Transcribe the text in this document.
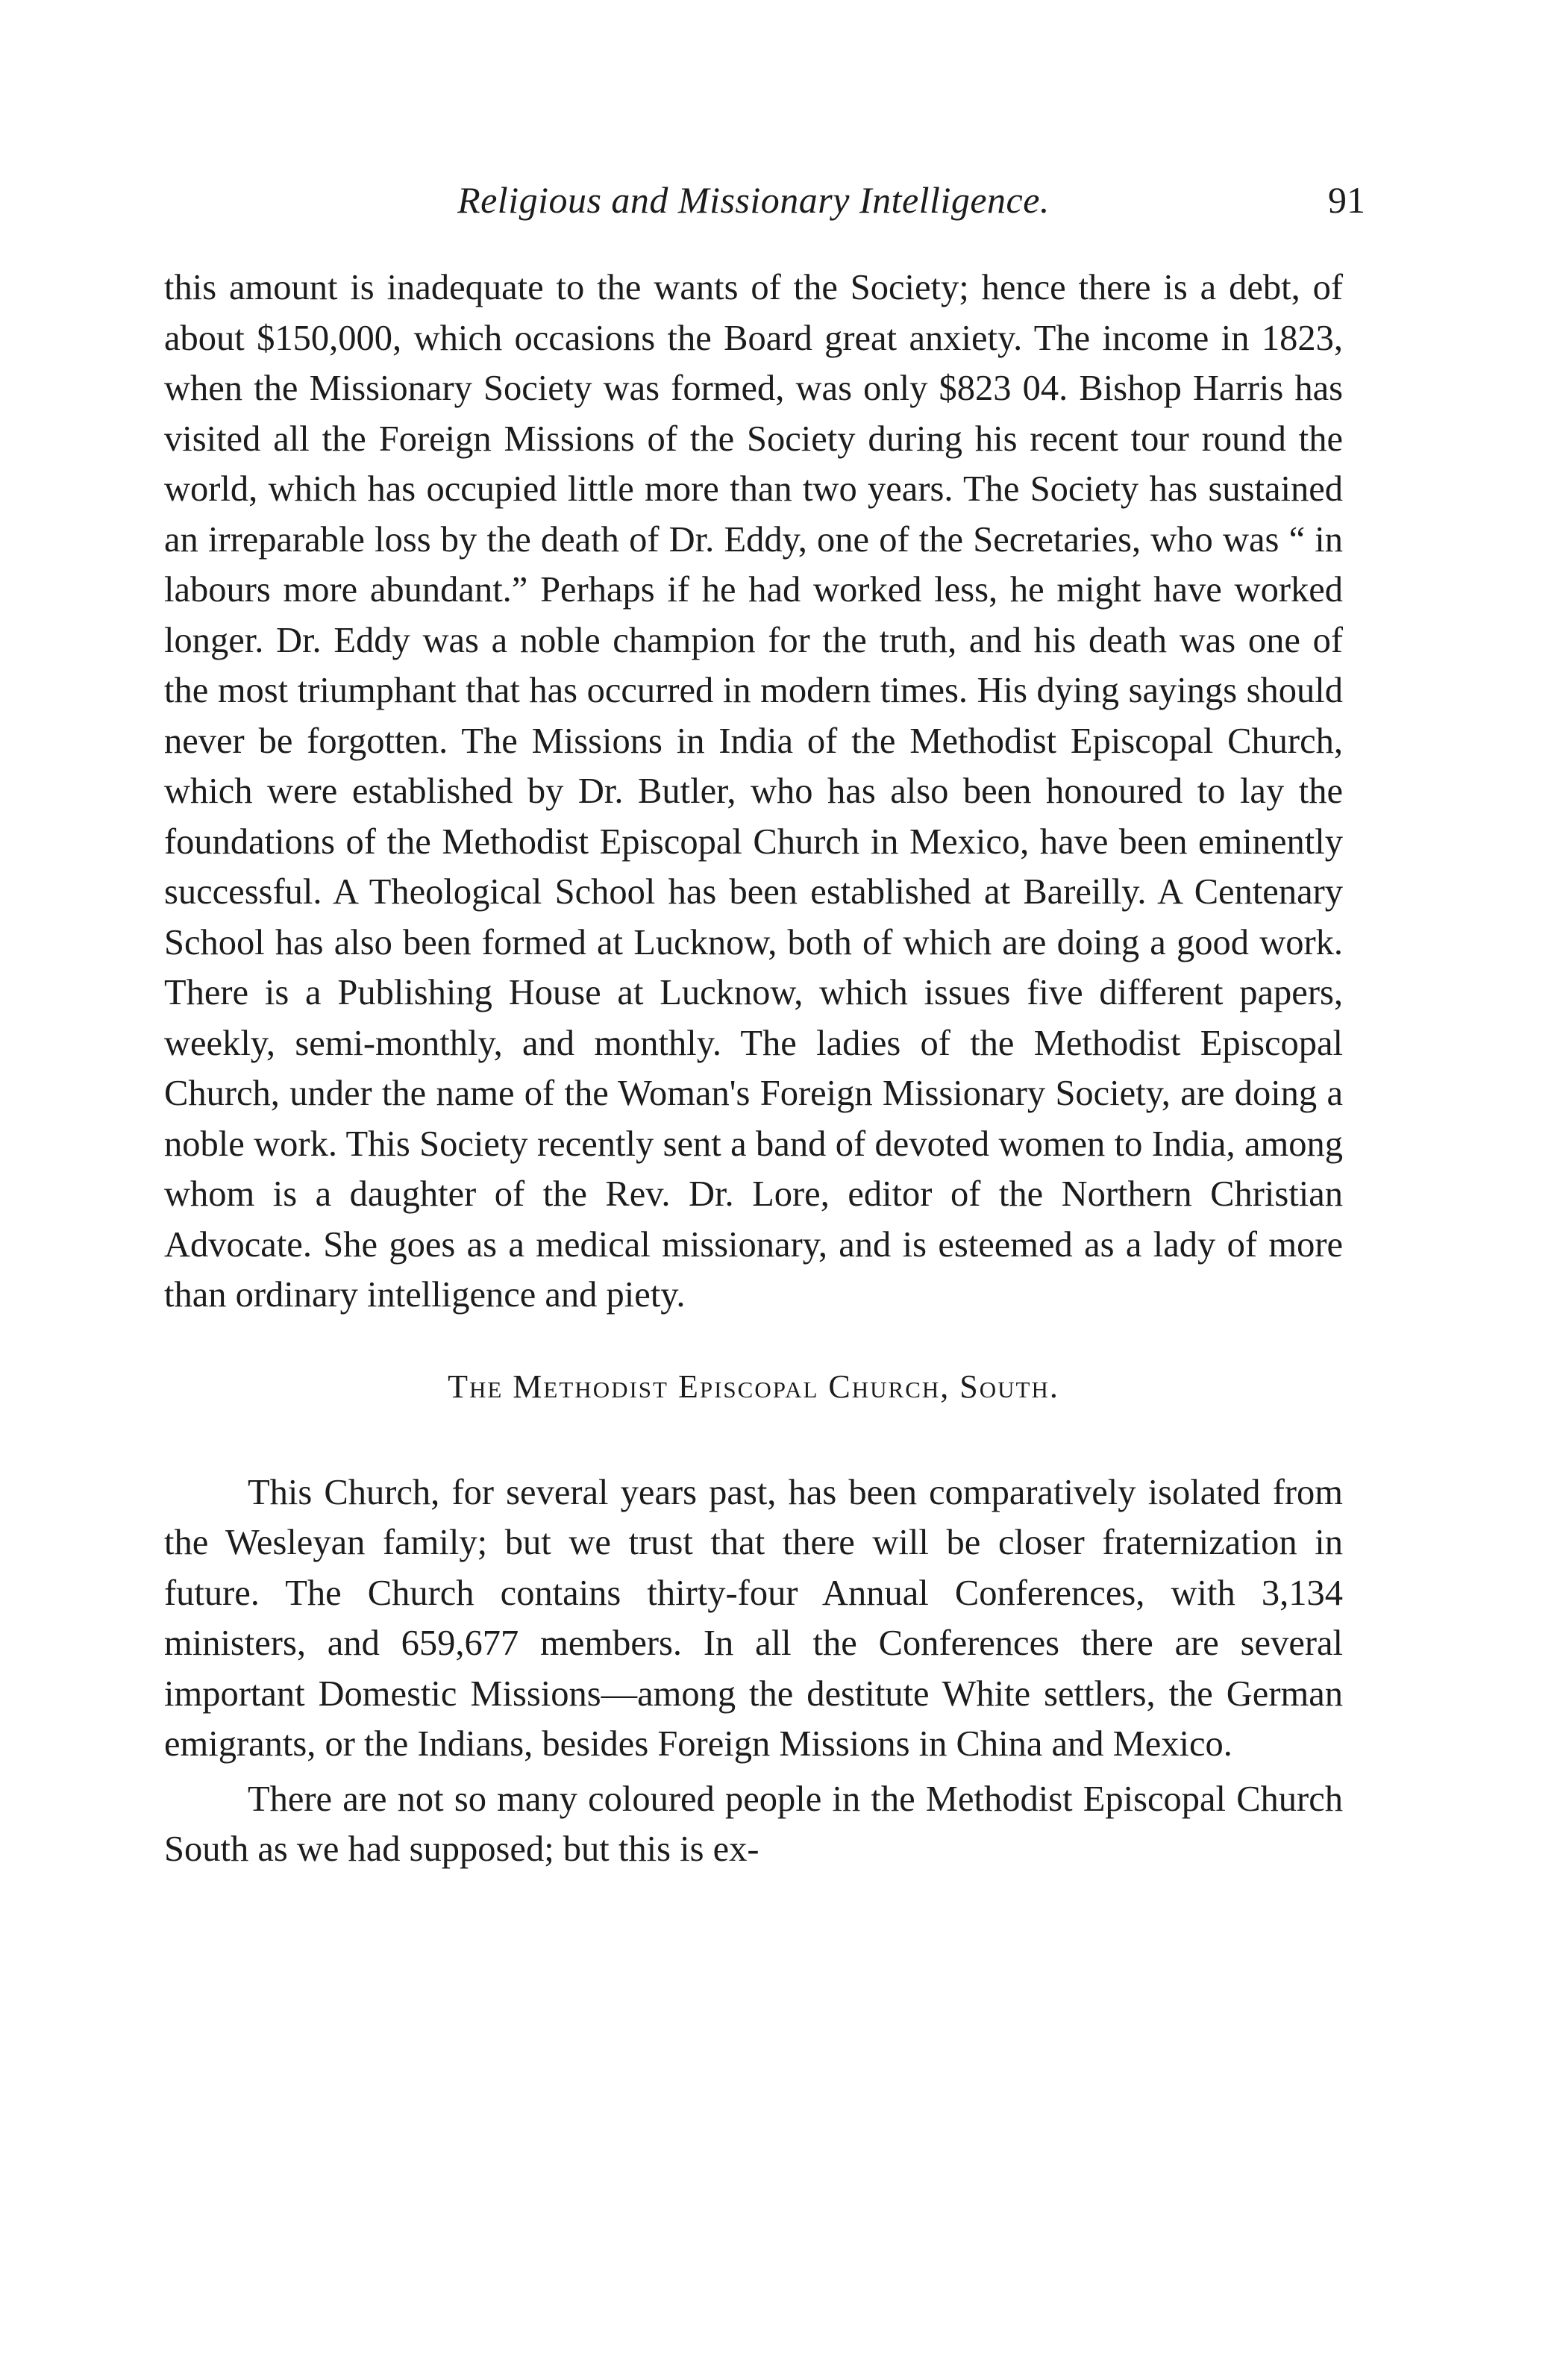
Religious and Missionary Intelligence.	91

this amount is inadequate to the wants of the Society; hence there is a debt, of about $150,000, which occasions the Board great anxiety. The income in 1823, when the Missionary Society was formed, was only $823 04. Bishop Harris has visited all the Foreign Missions of the Society during his recent tour round the world, which has occupied little more than two years. The Society has sustained an irreparable loss by the death of Dr. Eddy, one of the Secretaries, who was “ in labours more abundant.” Perhaps if he had worked less, he might have worked longer. Dr. Eddy was a noble champion for the truth, and his death was one of the most triumphant that has occurred in modern times. His dying sayings should never be forgotten. The Missions in India of the Methodist Episcopal Church, which were established by Dr. Butler, who has also been honoured to lay the foundations of the Methodist Episcopal Church in Mexico, have been eminently successful. A Theological School has been established at Bareilly. A Centenary School has also been formed at Lucknow, both of which are doing a good work. There is a Publishing House at Lucknow, which issues five different papers, weekly, semi-monthly, and monthly. The ladies of the Methodist Episcopal Church, under the name of the Woman's Foreign Missionary Society, are doing a noble work. This Society recently sent a band of devoted women to India, among whom is a daughter of the Rev. Dr. Lore, editor of the Northern Christian Advocate. She goes as a medical missionary, and is esteemed as a lady of more than ordinary intelligence and piety.

The Methodist Episcopal Church, South.

This Church, for several years past, has been comparatively isolated from the Wesleyan family; but we trust that there will be closer fraternization in future. The Church contains thirty-four Annual Conferences, with 3,134 ministers, and 659,677 members. In all the Conferences there are several important Domestic Missions—among the destitute White settlers, the German emigrants, or the Indians, besides Foreign Missions in China and Mexico.

There are not so many coloured people in the Methodist Episcopal Church South as we had supposed; but this is ex-
